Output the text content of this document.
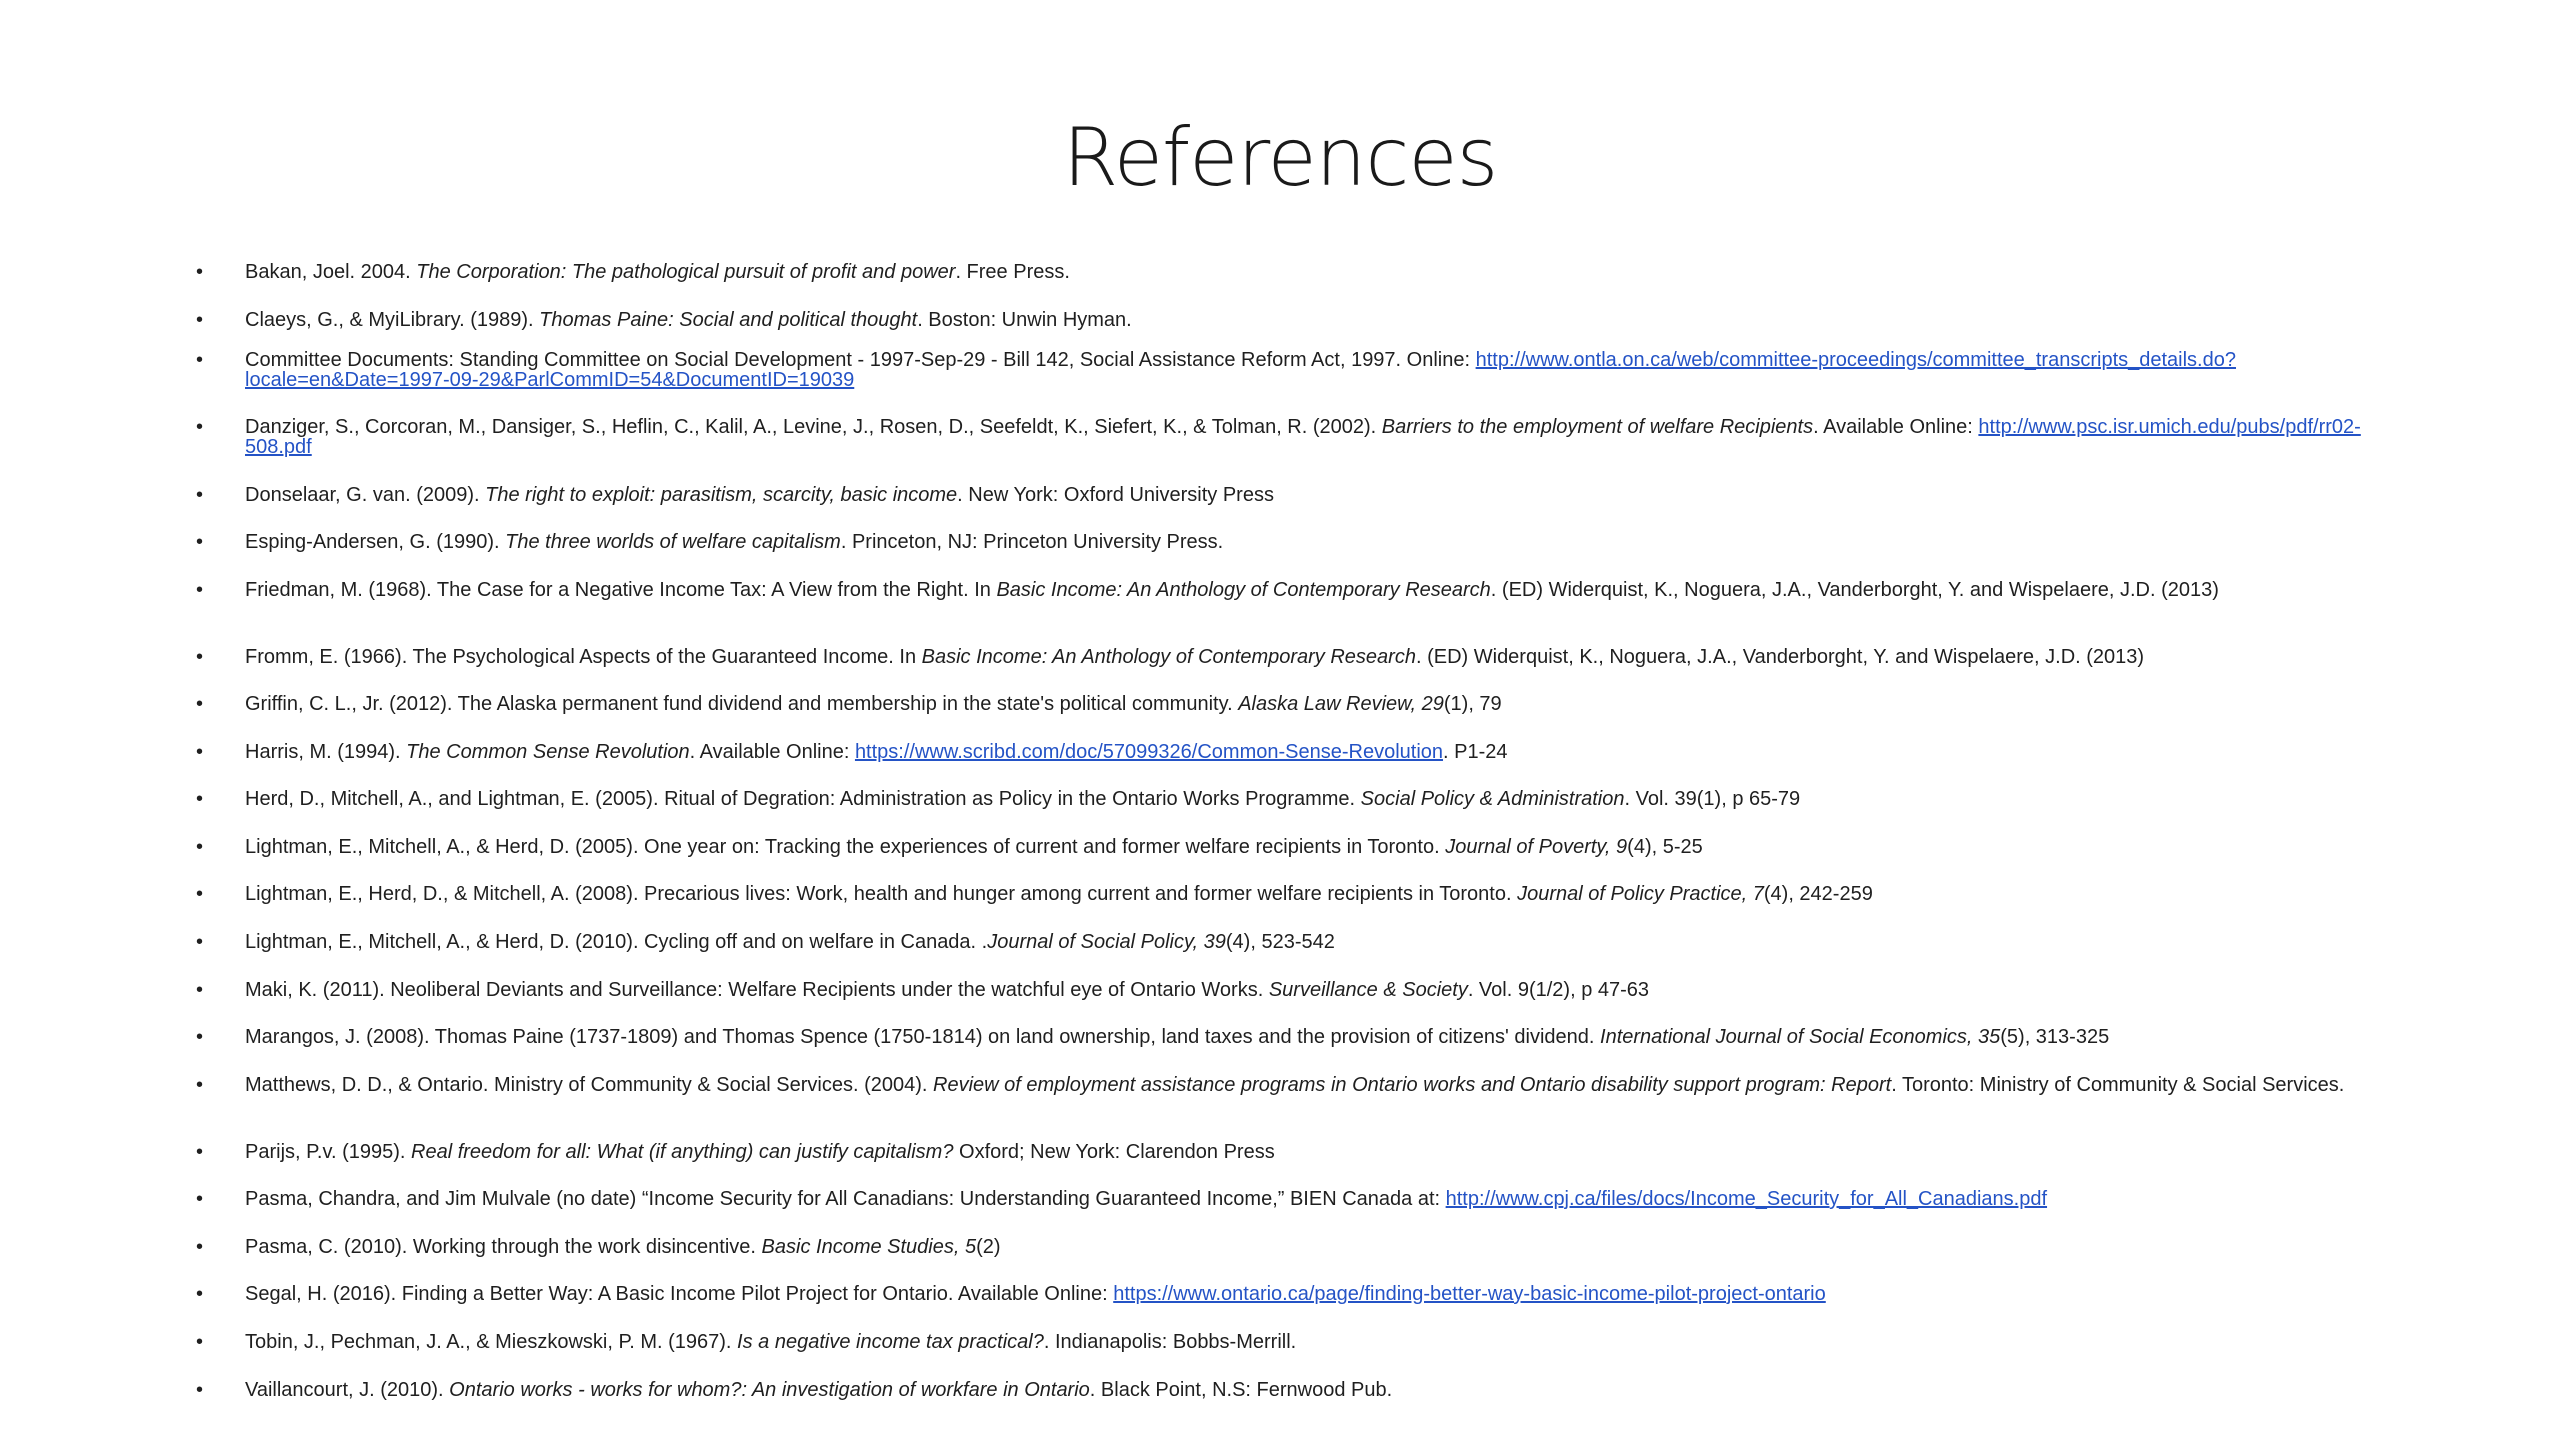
References
• Bakan, Joel. 2004. The Corporation: The pathological pursuit of profit and power. Free Press.
• Claeys, G., & MyiLibrary. (1989). Thomas Paine: Social and political thought. Boston: Unwin Hyman.
• Committee Documents: Standing Committee on Social Development - 1997-Sep-29 - Bill 142, Social Assistance Reform Act, 1997. Online: http://www.ontla.on.ca/web/committee-proceedings/committee_transcripts_details.do?locale=en&Date=1997-09-29&ParlCommID=54&DocumentID=19039
• Danziger, S., Corcoran, M., Dansiger, S., Heflin, C., Kalil, A., Levine, J., Rosen, D., Seefeldt, K., Siefert, K., & Tolman, R. (2002). Barriers to the employment of welfare Recipients. Available Online: http://www.psc.isr.umich.edu/pubs/pdf/rr02-508.pdf
• Donselaar, G. van. (2009). The right to exploit: parasitism, scarcity, basic income. New York: Oxford University Press
• Esping-Andersen, G. (1990). The three worlds of welfare capitalism. Princeton, NJ: Princeton University Press.
• Friedman, M. (1968). The Case for a Negative Income Tax: A View from the Right. In Basic Income: An Anthology of Contemporary Research. (ED) Widerquist, K., Noguera, J.A., Vanderborght, Y. and Wispelaere, J.D. (2013)
• Fromm, E. (1966). The Psychological Aspects of the Guaranteed Income. In Basic Income: An Anthology of Contemporary Research. (ED) Widerquist, K., Noguera, J.A., Vanderborght, Y. and Wispelaere, J.D. (2013)
• Griffin, C. L., Jr. (2012). The Alaska permanent fund dividend and membership in the state's political community. Alaska Law Review, 29(1), 79
• Harris, M. (1994). The Common Sense Revolution. Available Online: https://www.scribd.com/doc/57099326/Common-Sense-Revolution. P1-24
• Herd, D., Mitchell, A., and Lightman, E. (2005). Ritual of Degration: Administration as Policy in the Ontario Works Programme. Social Policy & Administration. Vol. 39(1), p 65-79
• Lightman, E., Mitchell, A., & Herd, D. (2005). One year on: Tracking the experiences of current and former welfare recipients in Toronto. Journal of Poverty, 9(4), 5-25
• Lightman, E., Herd, D., & Mitchell, A. (2008). Precarious lives: Work, health and hunger among current and former welfare recipients in Toronto. Journal of Policy Practice, 7(4), 242-259
• Lightman, E., Mitchell, A., & Herd, D. (2010). Cycling off and on welfare in Canada. .Journal of Social Policy, 39(4), 523-542
• Maki, K. (2011). Neoliberal Deviants and Surveillance: Welfare Recipients under the watchful eye of Ontario Works. Surveillance & Society. Vol. 9(1/2), p 47-63
• Marangos, J. (2008). Thomas Paine (1737-1809) and Thomas Spence (1750-1814) on land ownership, land taxes and the provision of citizens' dividend. International Journal of Social Economics, 35(5), 313-325
• Matthews, D. D., & Ontario. Ministry of Community & Social Services. (2004). Review of employment assistance programs in Ontario works and Ontario disability support program: Report. Toronto: Ministry of Community & Social Services.
• Parijs, P.v. (1995). Real freedom for all: What (if anything) can justify capitalism? Oxford; New York: Clarendon Press
• Pasma, Chandra, and Jim Mulvale (no date) “Income Security for All Canadians: Understanding Guaranteed Income,” BIEN Canada at: http://www.cpj.ca/files/docs/Income_Security_for_All_Canadians.pdf
• Pasma, C. (2010). Working through the work disincentive. Basic Income Studies, 5(2)
• Segal, H. (2016). Finding a Better Way: A Basic Income Pilot Project for Ontario. Available Online: https://www.ontario.ca/page/finding-better-way-basic-income-pilot-project-ontario
• Tobin, J., Pechman, J. A., & Mieszkowski, P. M. (1967). Is a negative income tax practical?. Indianapolis: Bobbs-Merrill.
• Vaillancourt, J. (2010). Ontario works - works for whom?: An investigation of workfare in Ontario. Black Point, N.S: Fernwood Pub.
